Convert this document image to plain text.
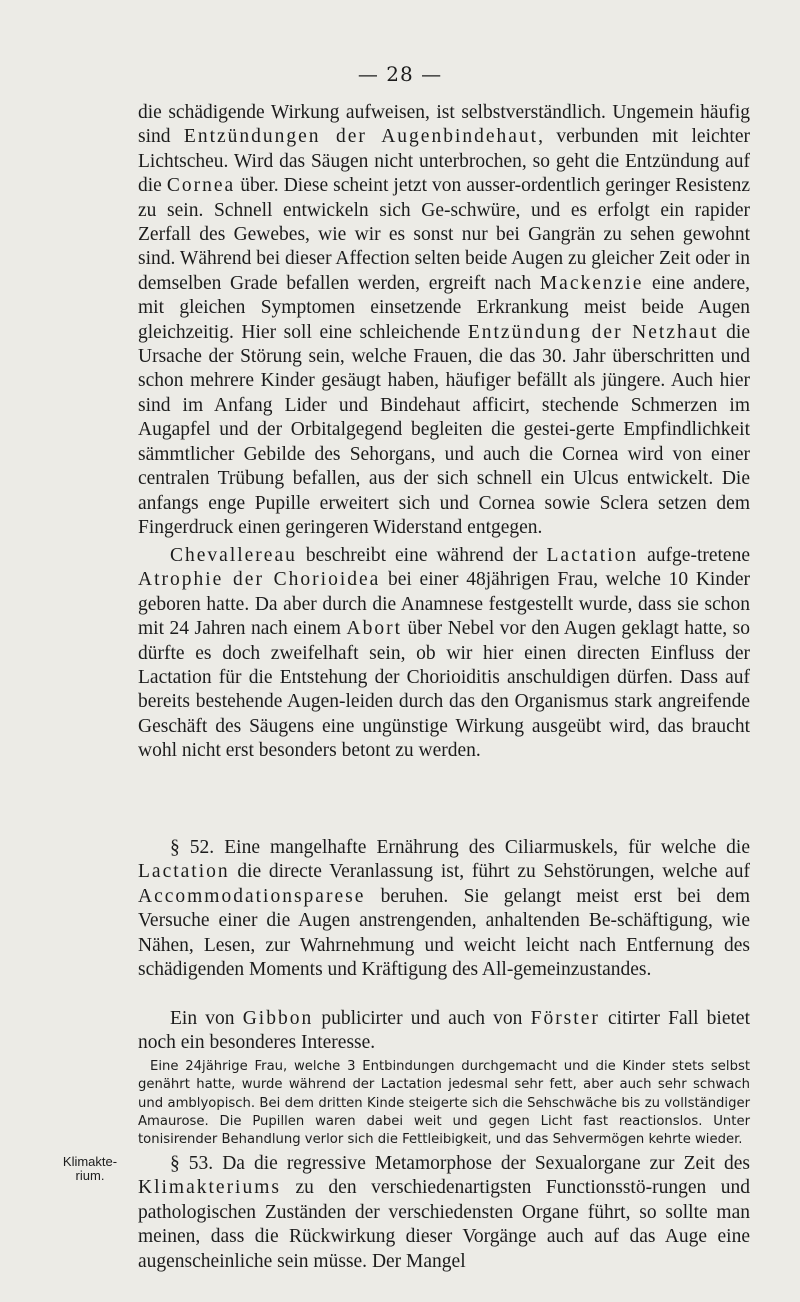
— 28 —

die schädigende Wirkung aufweisen, ist selbstverständlich. Ungemein häufig sind Entzündungen der Augenbindehaut, verbunden mit leichter Lichtscheu. Wird das Säugen nicht unterbrochen, so geht die Entzündung auf die Cornea über. Diese scheint jetzt von ausser-ordentlich geringer Resistenz zu sein. Schnell entwickeln sich Ge-schwüre, und es erfolgt ein rapider Zerfall des Gewebes, wie wir es sonst nur bei Gangrän zu sehen gewohnt sind. Während bei dieser Affection selten beide Augen zu gleicher Zeit oder in demselben Grade befallen werden, ergreift nach Mackenzie eine andere, mit gleichen Symptomen einsetzende Erkrankung meist beide Augen gleichzeitig. Hier soll eine schleichende Entzündung der Netzhaut die Ursache der Störung sein, welche Frauen, die das 30. Jahr überschritten und schon mehrere Kinder gesäugt haben, häufiger befällt als jüngere. Auch hier sind im Anfang Lider und Bindehaut afficirt, stechende Schmerzen im Augapfel und der Orbitalgegend begleiten die gestei-gerte Empfindlichkeit sämmtlicher Gebilde des Sehorgans, und auch die Cornea wird von einer centralen Trübung befallen, aus der sich schnell ein Ulcus entwickelt. Die anfangs enge Pupille erweitert sich und Cornea sowie Sclera setzen dem Fingerdruck einen geringeren Widerstand entgegen.

Chevallereau beschreibt eine während der Lactation aufge-tretene Atrophie der Chorioidea bei einer 48jährigen Frau, welche 10 Kinder geboren hatte. Da aber durch die Anamnese festgestellt wurde, dass sie schon mit 24 Jahren nach einem Abort über Nebel vor den Augen geklagt hatte, so dürfte es doch zweifelhaft sein, ob wir hier einen directen Einfluss der Lactation für die Entstehung der Chorioiditis anschuldigen dürfen. Dass auf bereits bestehende Augen-leiden durch das den Organismus stark angreifende Geschäft des Säugens eine ungünstige Wirkung ausgeübt wird, das braucht wohl nicht erst besonders betont zu werden.

§ 52. Eine mangelhafte Ernährung des Ciliarmuskels, für welche die Lactation die directe Veranlassung ist, führt zu Sehstörungen, welche auf Accommodationsparese beruhen. Sie gelangt meist erst bei dem Versuche einer die Augen anstrengenden, anhaltenden Be-schäftigung, wie Nähen, Lesen, zur Wahrnehmung und weicht leicht nach Entfernung des schädigenden Moments und Kräftigung des All-gemeinzustandes.

Ein von Gibbon publicirter und auch von Förster citirter Fall bietet noch ein besonderes Interesse.

Eine 24jährige Frau, welche 3 Entbindungen durchgemacht und die Kinder stets selbst genährt hatte, wurde während der Lactation jedesmal sehr fett, aber auch sehr schwach und amblyopisch. Bei dem dritten Kinde steigerte sich die Sehschwäche bis zu vollständiger Amaurose. Die Pupillen waren dabei weit und gegen Licht fast reactionslos. Unter tonisirender Behandlung verlor sich die Fettleibigkeit, und das Sehvermögen kehrte wieder.

Klimakte- rium.

§ 53. Da die regressive Metamorphose der Sexualorgane zur Zeit des Klimakteriums zu den verschiedenartigsten Functionsstö-rungen und pathologischen Zuständen der verschiedensten Organe führt, so sollte man meinen, dass die Rückwirkung dieser Vorgänge auch auf das Auge eine augenscheinliche sein müsse. Der Mangel
